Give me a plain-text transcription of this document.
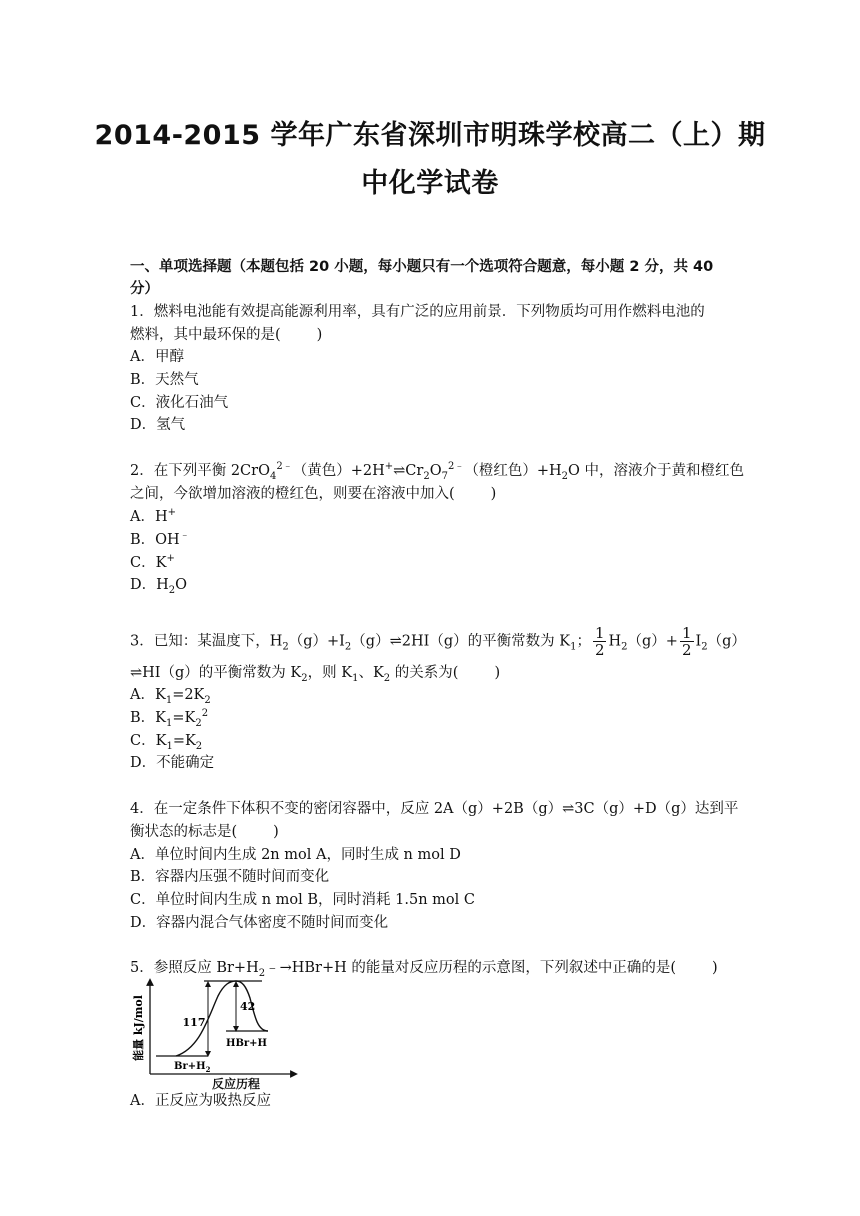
2014-2015 学年广东省深圳市明珠学校高二（上）期
中化学试卷
一、单项选择题（本题包括 20 小题，每小题只有一个选项符合题意，每小题 2 分，共 40
分）
1．燃料电池能有效提高能源利用率，具有广泛的应用前景．下列物质均可用作燃料电池的
燃料，其中最环保的是( )
A．甲醇
B．天然气
C．液化石油气
D．氢气
2．在下列平衡 2CrO$_4^{2﹣}$（黄色）$+2H^+\rightleftharpoons Cr_2O_7^{2﹣}$（橙红色）$+H_2O$ 中，溶液介于黄和橙红色
之间，今欲增加溶液的橙红色，则要在溶液中加入( )
A．H+
B．OH﹣
C．K+
D．$H_2O$
3．已知：某温度下，$H_2(g)+I_2(g)\rightleftharpoons 2HI(g)$的平衡常数为 $K_1$； $\frac{1}{2} H_2(g)+ \frac{1}{2} I_2(g)$
⇌HI（g）的平衡常数为 $K_2$，则 $K_1$、$K_2$ 的关系为( )
A．$K_1=2K_2$
B．$K_1=K_2^2$
C．$K_1=K_2$
D．不能确定
4．在一定条件下体积不变的密闭容器中，反应 2A（g）+2B（g）⇌3C（g）+D（g）达到平
衡状态的标志是( )
A．单位时间内生成 2n mol A，同时生成 n mol D
B．容器内压强不随时间而变化
C．单位时间内生成 n mol B，同时消耗 1.5n mol C
D．容器内混合气体密度不随时间而变化
5．参照反应 $Br+H_2﹣\to HBr+H$ 的能量对反应历程的示意图，下列叙述中正确的是( )
能量 kJ/mol	117
42
$Br+H_2$
HBr+H
反应历程
A．正反应为吸热反应
